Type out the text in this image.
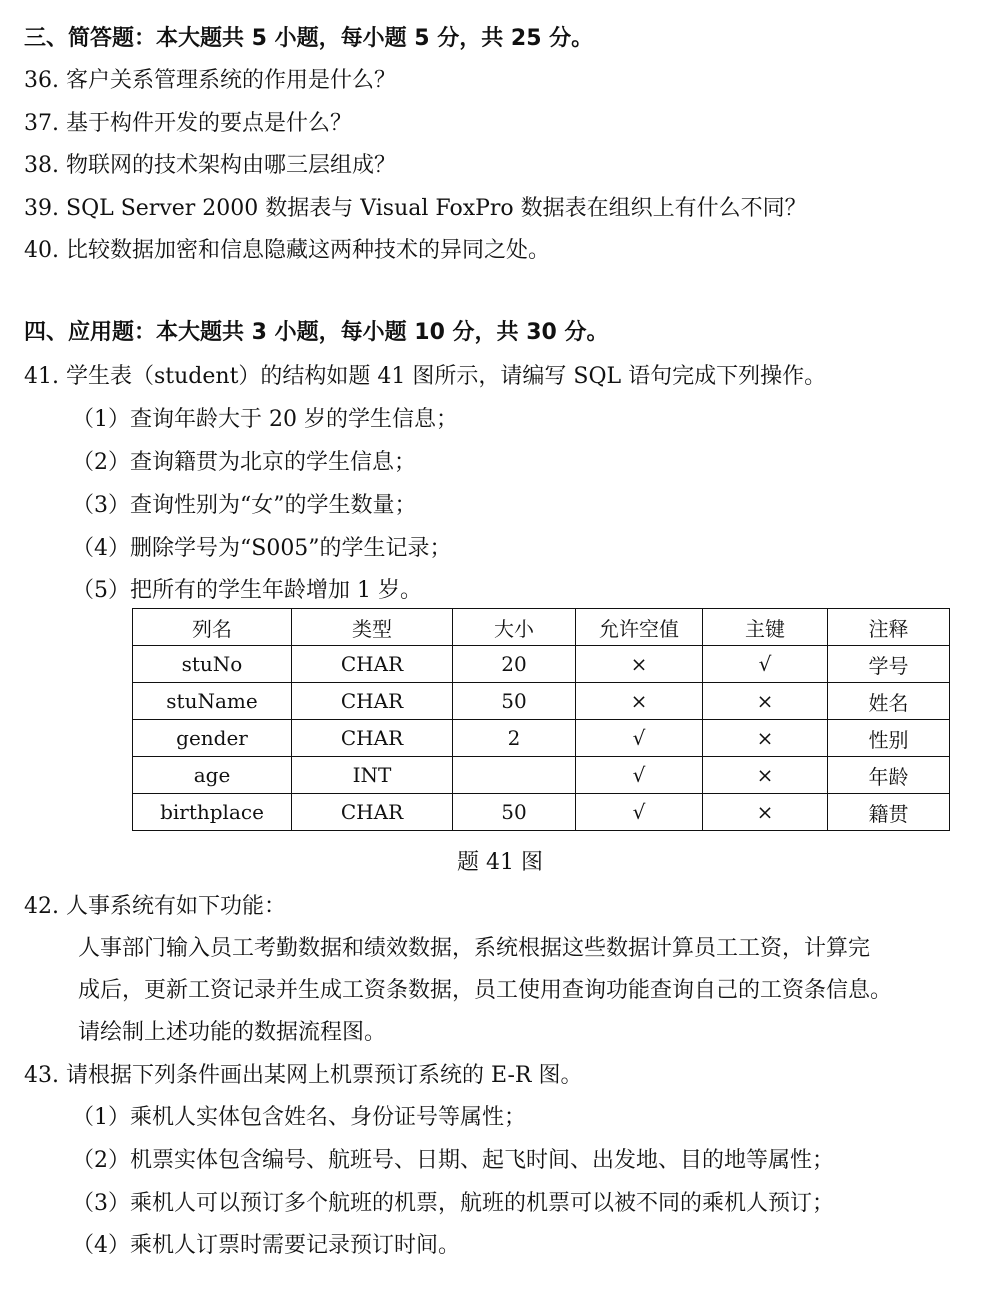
三、简答题：本大题共 5 小题，每小题 5 分，共 25 分。
36. 客户关系管理系统的作用是什么？
37. 基于构件开发的要点是什么？
38. 物联网的技术架构由哪三层组成？
39. SQL Server 2000 数据表与 Visual FoxPro 数据表在组织上有什么不同？
40. 比较数据加密和信息隐藏这两种技术的异同之处。
四、应用题：本大题共 3 小题，每小题 10 分，共 30 分。
41. 学生表（student）的结构如题 41 图所示，请编写 SQL 语句完成下列操作。
（1）查询年龄大于 20 岁的学生信息；
（2）查询籍贯为北京的学生信息；
（3）查询性别为“女”的学生数量；
（4）删除学号为“S005”的学生记录；
（5）把所有的学生年龄增加 1 岁。
列名	类型	大小	允许空值	主键	注释
stuNo	CHAR	20	×	√	学号
stuName	CHAR	50	×	×	姓名
gender	CHAR	2	√	×	性别
age	INT		√	×	年龄
birthplace	CHAR	50	√	×	籍贯
题 41 图
42. 人事系统有如下功能：
人事部门输入员工考勤数据和绩效数据，系统根据这些数据计算员工工资，计算完
成后，更新工资记录并生成工资条数据，员工使用查询功能查询自己的工资条信息。
请绘制上述功能的数据流程图。
43. 请根据下列条件画出某网上机票预订系统的 E-R 图。
（1）乘机人实体包含姓名、身份证号等属性；
（2）机票实体包含编号、航班号、日期、起飞时间、出发地、目的地等属性；
（3）乘机人可以预订多个航班的机票，航班的机票可以被不同的乘机人预订；
（4）乘机人订票时需要记录预订时间。
